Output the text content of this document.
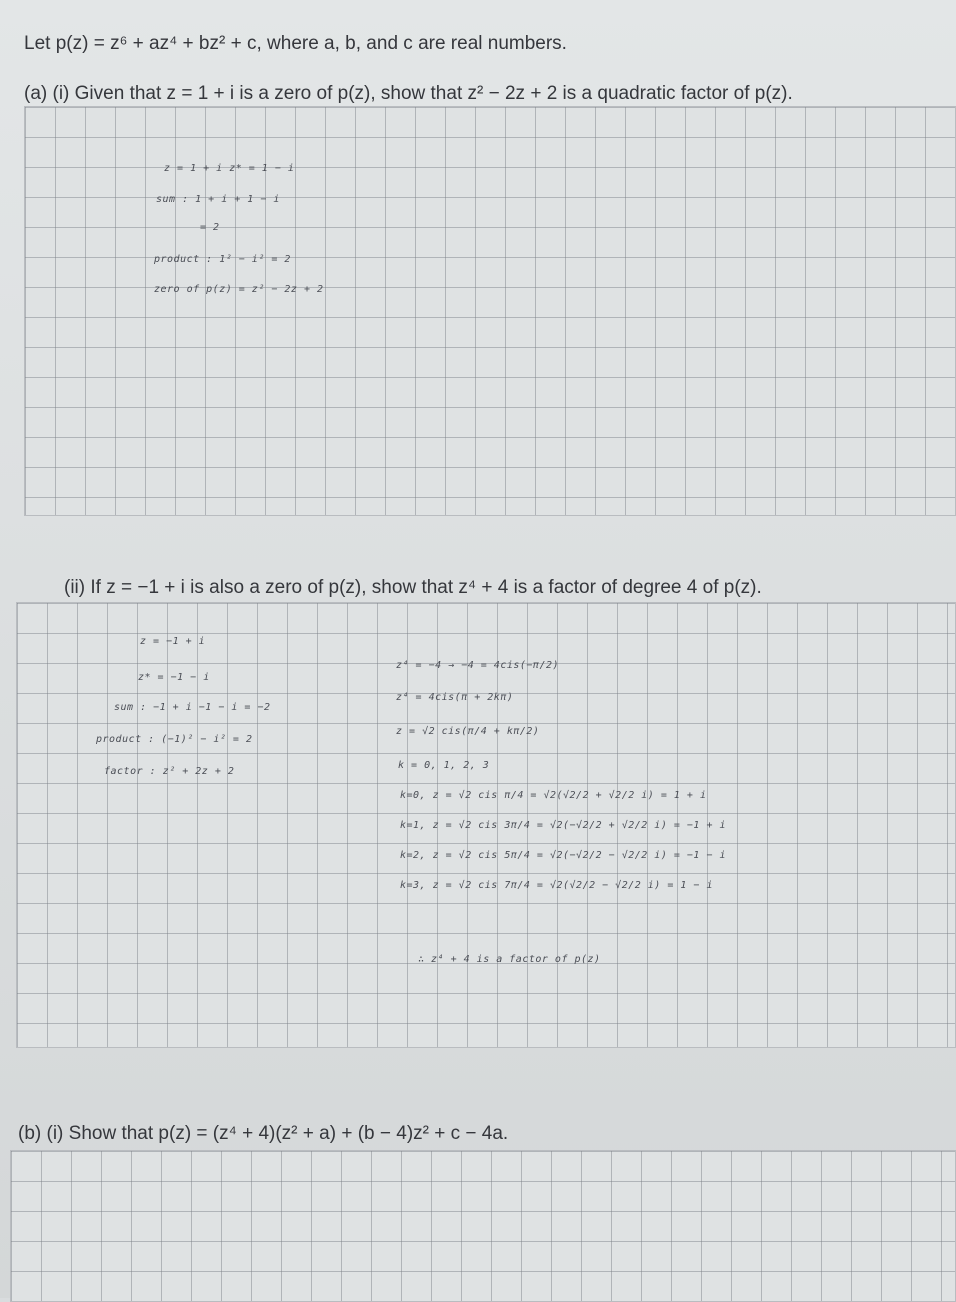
Let p(z) = z⁶ + az⁴ + bz² + c, where a, b, and c are real numbers.
(a) (i) Given that z = 1 + i is a zero of p(z), show that z² − 2z + 2 is a quadratic factor of p(z).
z = 1 + i z* = 1 − i
sum : 1 + i + 1 − i
= 2
product : 1² − i² = 2
zero of p(z) = z² − 2z + 2
(ii) If z = −1 + i is also a zero of p(z), show that z⁴ + 4 is a factor of degree 4 of p(z).
z = −1 + i
z* = −1 − i
sum : −1 + i −1 − i = −2
product : (−1)² − i² = 2
factor : z² + 2z + 2
z⁴ = −4 → −4 = 4cis(−π/2)
z⁴ = 4cis(π + 2kπ)
z = √2 cis(π/4 + kπ/2)
k = 0, 1, 2, 3
k=0, z = √2 cis π/4 = √2(√2/2 + √2/2 i) = 1 + i
k=1, z = √2 cis 3π/4 = √2(−√2/2 + √2/2 i) = −1 + i
k=2, z = √2 cis 5π/4 = √2(−√2/2 − √2/2 i) = −1 − i
k=3, z = √2 cis 7π/4 = √2(√2/2 − √2/2 i) = 1 − i
∴ z⁴ + 4 is a factor of p(z)
(b) (i) Show that p(z) = (z⁴ + 4)(z² + a) + (b − 4)z² + c − 4a.
